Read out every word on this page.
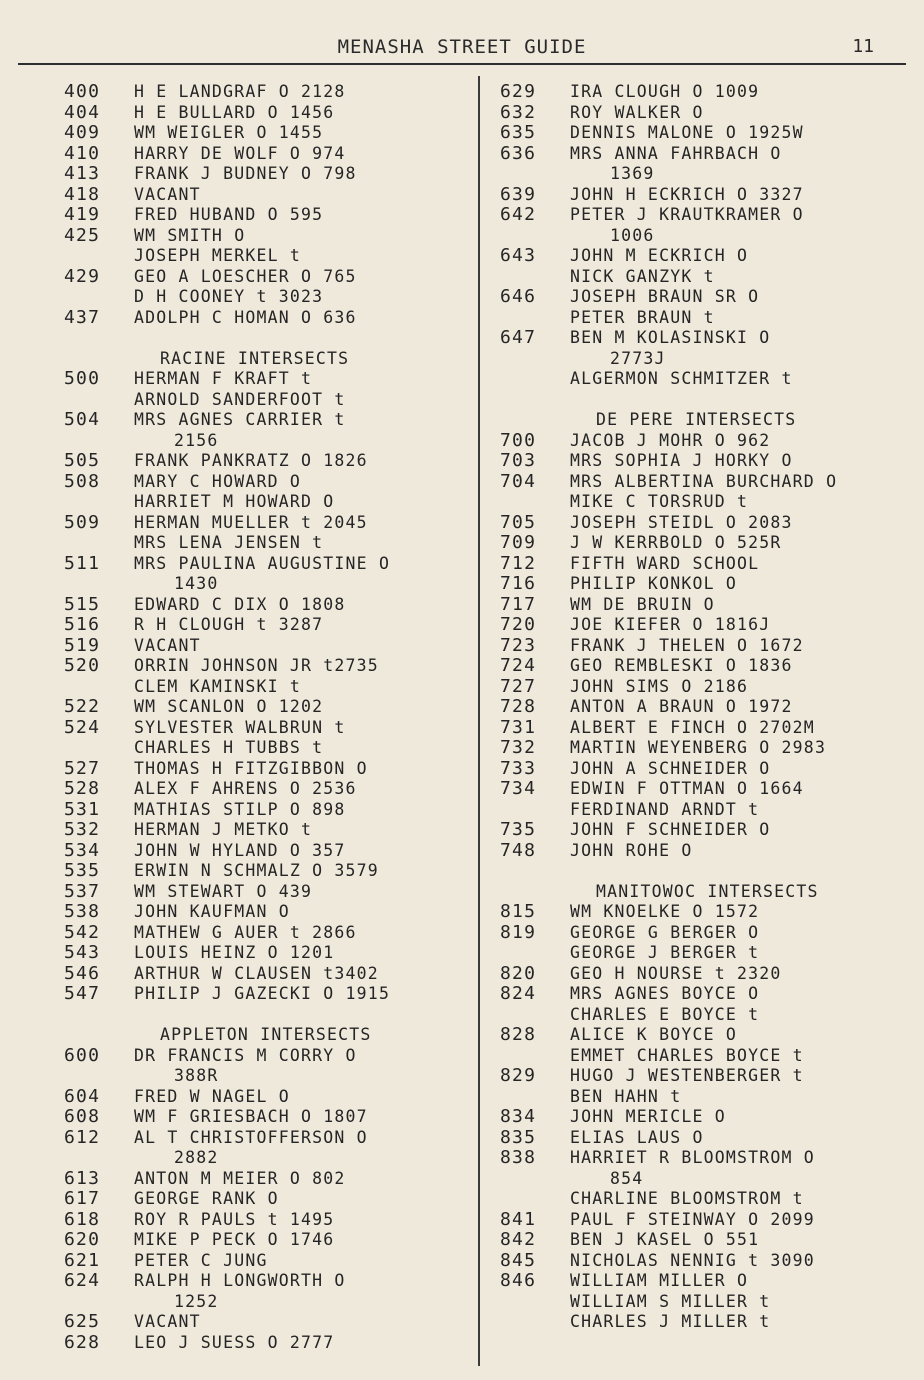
MENASHA STREET GUIDE	11
400 H E LANDGRAF O 2128
404 H E BULLARD O 1456
409 WM WEIGLER O 1455
410 HARRY DE WOLF O 974
413 FRANK J BUDNEY O 798
418 VACANT
419 FRED HUBAND O 595
425 WM SMITH O
JOSEPH MERKEL t
429 GEO A LOESCHER O 765
D H COONEY t 3023
437 ADOLPH C HOMAN O 636
RACINE INTERSECTS
500 HERMAN F KRAFT t
ARNOLD SANDERFOOT t
504 MRS AGNES CARRIER t
2156
505 FRANK PANKRATZ O 1826
508 MARY C HOWARD O
HARRIET M HOWARD O
509 HERMAN MUELLER t 2045
MRS LENA JENSEN t
511 MRS PAULINA AUGUSTINE O
1430
515 EDWARD C DIX O 1808
516 R H CLOUGH t 3287
519 VACANT
520 ORRIN JOHNSON JR t2735
CLEM KAMINSKI t
522 WM SCANLON O 1202
524 SYLVESTER WALBRUN t
CHARLES H TUBBS t
527 THOMAS H FITZGIBBON O
528 ALEX F AHRENS O 2536
531 MATHIAS STILP O 898
532 HERMAN J METKO t
534 JOHN W HYLAND O 357
535 ERWIN N SCHMALZ O 3579
537 WM STEWART O 439
538 JOHN KAUFMAN O
542 MATHEW G AUER t 2866
543 LOUIS HEINZ O 1201
546 ARTHUR W CLAUSEN t3402
547 PHILIP J GAZECKI O 1915
APPLETON INTERSECTS
600 DR FRANCIS M CORRY O
388R
604 FRED W NAGEL O
608 WM F GRIESBACH O 1807
612 AL T CHRISTOFFERSON O
2882
613 ANTON M MEIER O 802
617 GEORGE RANK O
618 ROY R PAULS t 1495
620 MIKE P PECK O 1746
621 PETER C JUNG
624 RALPH H LONGWORTH O
1252
625 VACANT
628 LEO J SUESS O 2777
629 IRA CLOUGH O 1009
632 ROY WALKER O
635 DENNIS MALONE O 1925W
636 MRS ANNA FAHRBACH O
1369
639 JOHN H ECKRICH O 3327
642 PETER J KRAUTKRAMER O
1006
643 JOHN M ECKRICH O
NICK GANZYK t
646 JOSEPH BRAUN SR O
PETER BRAUN t
647 BEN M KOLASINSKI O
2773J
ALGERMON SCHMITZER t
DE PERE INTERSECTS
700 JACOB J MOHR O 962
703 MRS SOPHIA J HORKY O
704 MRS ALBERTINA BURCHARD O
MIKE C TORSRUD t
705 JOSEPH STEIDL O 2083
709 J W KERRBOLD O 525R
712 FIFTH WARD SCHOOL
716 PHILIP KONKOL O
717 WM DE BRUIN O
720 JOE KIEFER O 1816J
723 FRANK J THELEN O 1672
724 GEO REMBLESKI O 1836
727 JOHN SIMS O 2186
728 ANTON A BRAUN O 1972
731 ALBERT E FINCH O 2702M
732 MARTIN WEYENBERG O 2983
733 JOHN A SCHNEIDER O
734 EDWIN F OTTMAN O 1664
FERDINAND ARNDT t
735 JOHN F SCHNEIDER O
748 JOHN ROHE O
MANITOWOC INTERSECTS
815 WM KNOELKE O 1572
819 GEORGE G BERGER O
GEORGE J BERGER t
820 GEO H NOURSE t 2320
824 MRS AGNES BOYCE O
CHARLES E BOYCE t
828 ALICE K BOYCE O
EMMET CHARLES BOYCE t
829 HUGO J WESTENBERGER t
BEN HAHN t
834 JOHN MERICLE O
835 ELIAS LAUS O
838 HARRIET R BLOOMSTROM O
854
CHARLINE BLOOMSTROM t
841 PAUL F STEINWAY O 2099
842 BEN J KASEL O 551
845 NICHOLAS NENNIG t 3090
846 WILLIAM MILLER O
WILLIAM S MILLER t
CHARLES J MILLER t
